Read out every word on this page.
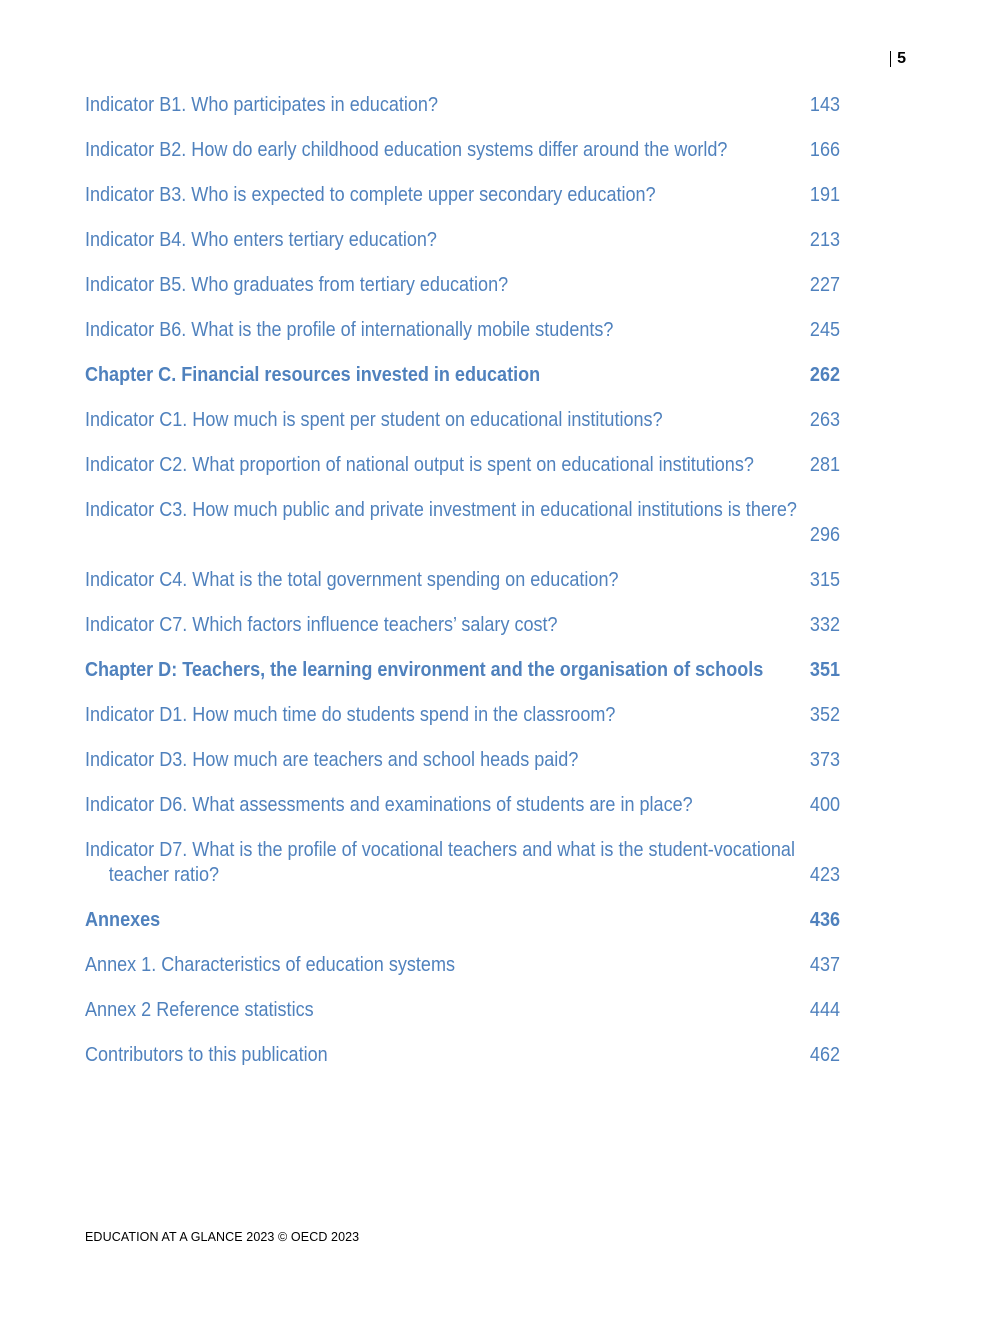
5
Indicator B1. Who participates in education?	143
Indicator B2. How do early childhood education systems differ around the world?	166
Indicator B3. Who is expected to complete upper secondary education?	191
Indicator B4. Who enters tertiary education?	213
Indicator B5. Who graduates from tertiary education?	227
Indicator B6. What is the profile of internationally mobile students?	245
Chapter C. Financial resources invested in education	262
Indicator C1. How much is spent per student on educational institutions?	263
Indicator C2. What proportion of national output is spent on educational institutions?	281
Indicator C3. How much public and private investment in educational institutions is there?
296
Indicator C4. What is the total government spending on education?	315
Indicator C7. Which factors influence teachers’ salary cost?	332
Chapter D: Teachers, the learning environment and the organisation of schools 351
Indicator D1. How much time do students spend in the classroom?	352
Indicator D3. How much are teachers and school heads paid?	373
Indicator D6. What assessments and examinations of students are in place?	400
Indicator D7. What is the profile of vocational teachers and what is the student-vocational teacher ratio?	423
Annexes	436
Annex 1. Characteristics of education systems	437
Annex 2 Reference statistics	444
Contributors to this publication	462
EDUCATION AT A GLANCE 2023 © OECD 2023
